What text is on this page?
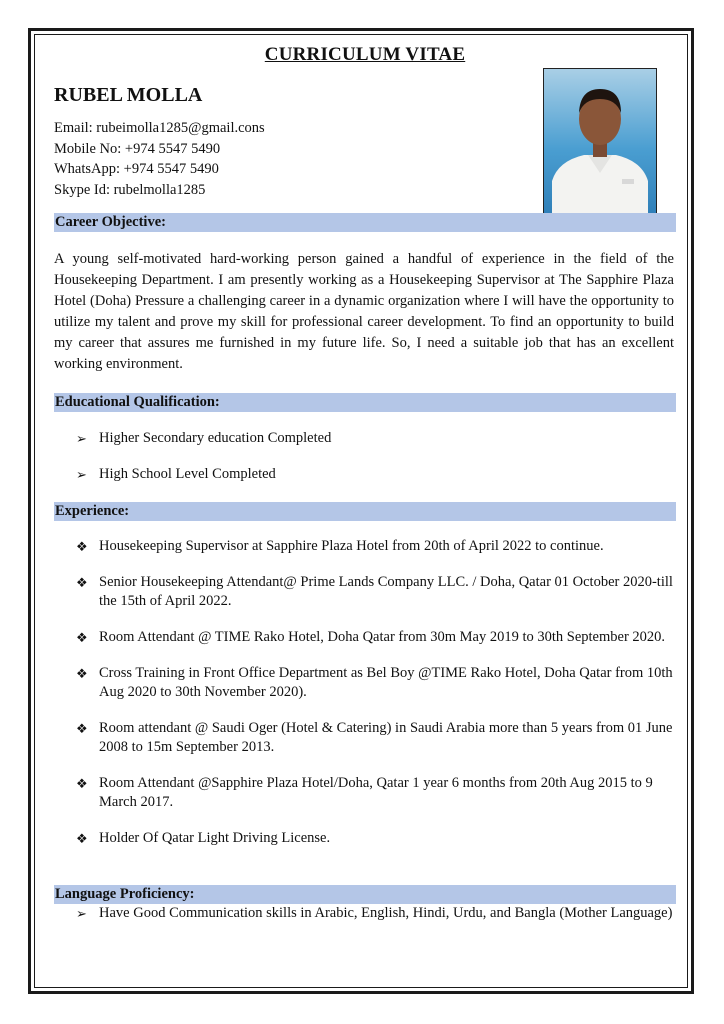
CURRICULUM VITAE
RUBEL MOLLA
Email: rubeimolla1285@gmail.cons
Mobile No: +974 5547 5490
WhatsApp: +974 5547 5490
Skype Id: rubelmolla1285
Career Objective:

A young self-motivated hard-working person gained a handful of experience in the field of the Housekeeping Department. I am presently working as a Housekeeping Supervisor at The Sapphire Plaza Hotel (Doha) Pressure a challenging career in a dynamic organization where I will have the opportunity to utilize my talent and prove my skill for professional career development. To find an opportunity to build my career that assures me furnished in my future life. So, I need a suitable job that has an excellent working environment.

Educational Qualification:
➢ Higher Secondary education Completed
➢ High School Level Completed
Experience:
❖ Housekeeping Supervisor at Sapphire Plaza Hotel from 20th of April 2022 to continue.
❖ Senior Housekeeping Attendant@ Prime Lands Company LLC. / Doha, Qatar 01 October 2020-till the 15th of April 2022.
❖ Room Attendant @ TIME Rako Hotel, Doha Qatar from 30m May 2019 to 30th September 2020.
❖ Cross Training in Front Office Department as Bel Boy @TIME Rako Hotel, Doha Qatar from 10th Aug 2020 to 30th November 2020).
❖ Room attendant @ Saudi Oger (Hotel & Catering) in Saudi Arabia more than 5 years from 01 June 2008 to 15m September 2013.
❖ Room Attendant @Sapphire Plaza Hotel/Doha, Qatar 1 year 6 months from 20th Aug 2015 to 9 March 2017.
❖ Holder Of Qatar Light Driving License.
Language Proficiency:
➢ Have Good Communication skills in Arabic, English, Hindi, Urdu, and Bangla (Mother Language)
